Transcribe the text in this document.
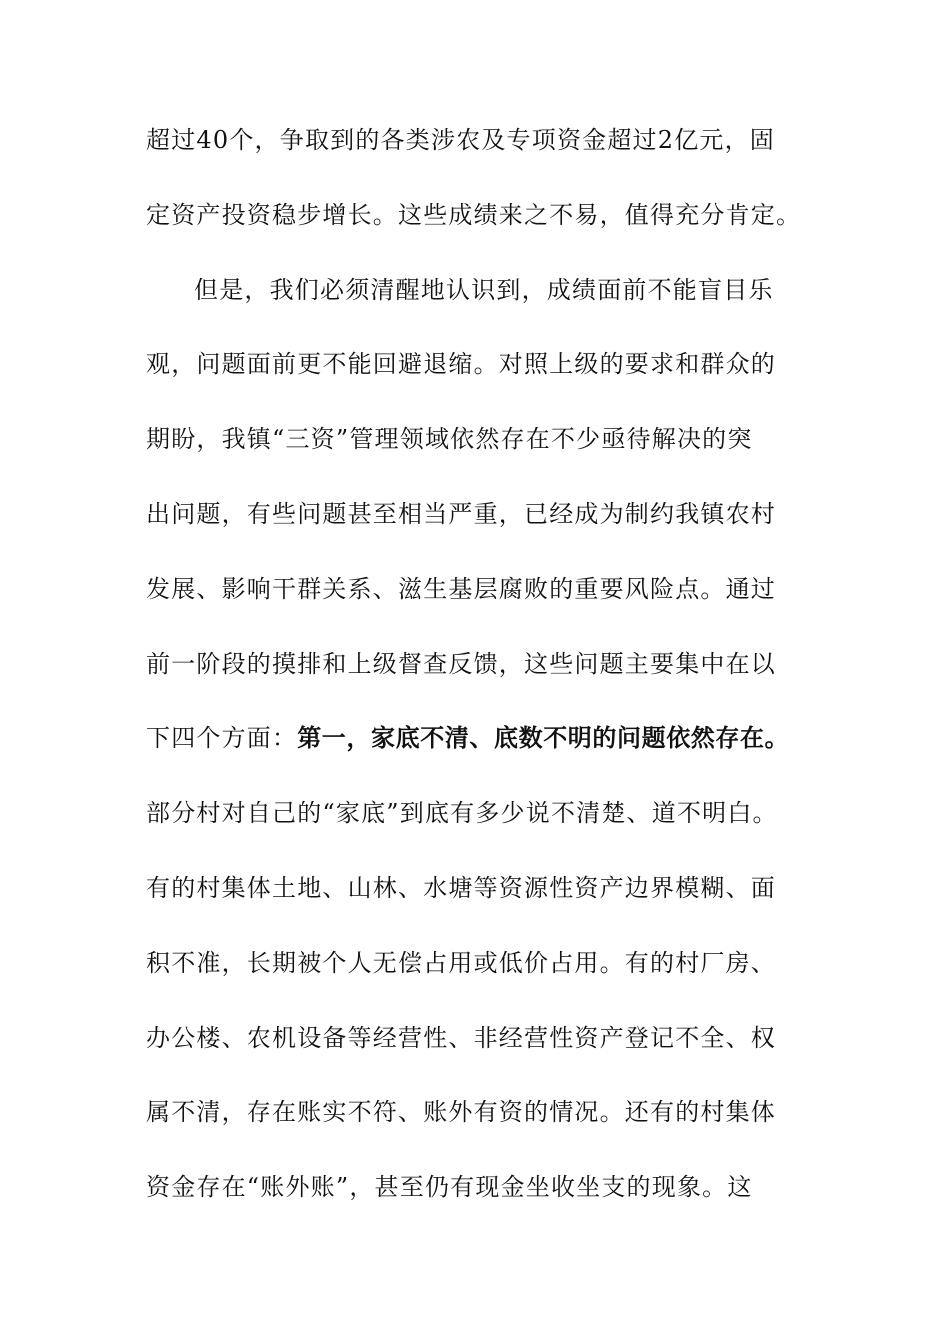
超过40个，争取到的各类涉农及专项资金超过2亿元，固
定资产投资稳步增长。这些成绩来之不易，值得充分肯定。
但是，我们必须清醒地认识到，成绩面前不能盲目乐
观，问题面前更不能回避退缩。对照上级的要求和群众的
期盼，我镇“三资”管理领域依然存在不少亟待解决的突
出问题，有些问题甚至相当严重，已经成为制约我镇农村
发展、影响干群关系、滋生基层腐败的重要风险点。通过
前一阶段的摸排和上级督查反馈，这些问题主要集中在以
下四个方面：第一，家底不清、底数不明的问题依然存在。
部分村对自己的“家底”到底有多少说不清楚、道不明白。
有的村集体土地、山林、水塘等资源性资产边界模糊、面
积不准，长期被个人无偿占用或低价占用。有的村厂房、
办公楼、农机设备等经营性、非经营性资产登记不全、权
属不清，存在账实不符、账外有资的情况。还有的村集体
资金存在“账外账”，甚至仍有现金坐收坐支的现象。这
